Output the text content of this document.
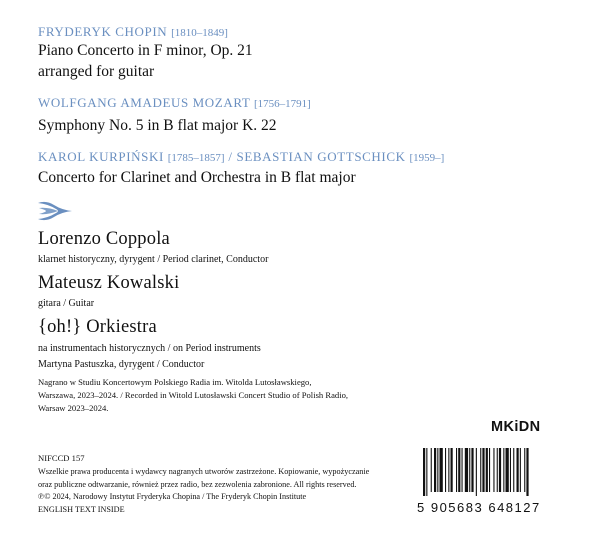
FRYDERYK CHOPIN [1810–1849]
Piano Concerto in F minor, Op. 21
arranged for guitar
WOLFGANG AMADEUS MOZART [1756–1791]
Symphony No. 5 in B flat major K. 22
KAROL KURPIŃSKI [1785–1857] / SEBASTIAN GOTTSCHICK [1959–]
Concerto for Clarinet and Orchestra in B flat major
Lorenzo Coppola
klarnet historyczny, dyrygent / Period clarinet, Conductor
Mateusz Kowalski
gitara / Guitar
{oh!} Orkiestra
na instrumentach historycznych / on Period instruments
Martyna Pastuszka, dyrygent / Conductor
Nagrano w Studiu Koncertowym Polskiego Radia im. Witolda Lutosławskiego,
Warszawa, 2023–2024. / Recorded in Witold Lutosławski Concert Studio of Polish Radio,
Warsaw 2023–2024.
MKiDN
NIFCCD 157
Wszelkie prawa producenta i wydawcy nagranych utworów zastrzeżone. Kopiowanie, wypożyczanie
oraz publiczne odtwarzanie, również przez radio, bez zezwolenia zabronione. All rights reserved.
℗© 2024, Narodowy Instytut Fryderyka Chopina / The Fryderyk Chopin Institute
ENGLISH TEXT INSIDE	5 905683 648127
